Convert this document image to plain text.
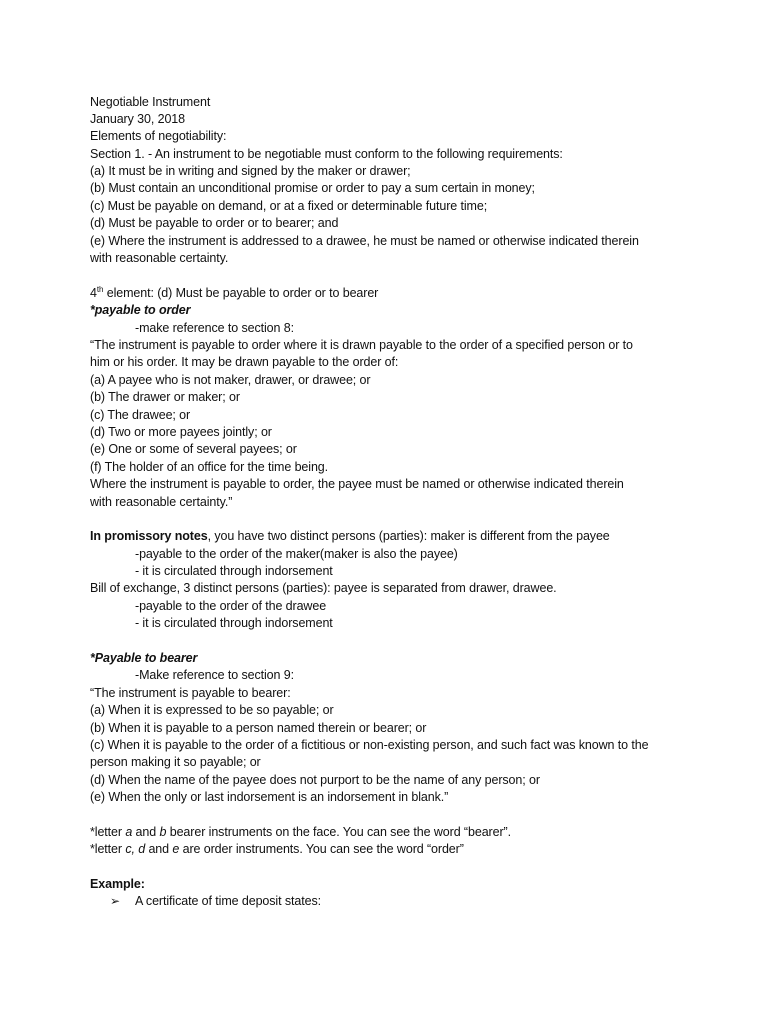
Negotiable Instrument
January 30, 2018
Elements of negotiability:
Section 1. - An instrument to be negotiable must conform to the following requirements:
(a) It must be in writing and signed by the maker or drawer;
(b) Must contain an unconditional promise or order to pay a sum certain in money;
(c) Must be payable on demand, or at a fixed or determinable future time;
(d) Must be payable to order or to bearer; and
(e) Where the instrument is addressed to a drawee, he must be named or otherwise indicated therein
with reasonable certainty.
4th element: (d) Must be payable to order or to bearer
*payable to order
-make reference to section 8:
“The instrument is payable to order where it is drawn payable to the order of a specified person or to
him or his order. It may be drawn payable to the order of:
(a) A payee who is not maker, drawer, or drawee; or
(b) The drawer or maker; or
(c) The drawee; or
(d) Two or more payees jointly; or
(e) One or some of several payees; or
(f) The holder of an office for the time being.
Where the instrument is payable to order, the payee must be named or otherwise indicated therein
with reasonable certainty.”
In promissory notes, you have two distinct persons (parties): maker is different from the payee
-payable to the order of the maker(maker is also the payee)
- it is circulated through indorsement
Bill of exchange, 3 distinct persons (parties): payee is separated from drawer, drawee.
-payable to the order of the drawee
- it is circulated through indorsement
*Payable to bearer
-Make reference to section 9:
“The instrument is payable to bearer:
(a) When it is expressed to be so payable; or
(b) When it is payable to a person named therein or bearer; or
(c) When it is payable to the order of a fictitious or non-existing person, and such fact was known to the
person making it so payable; or
(d) When the name of the payee does not purport to be the name of any person; or
(e) When the only or last indorsement is an indorsement in blank.”
*letter a and b bearer instruments on the face. You can see the word “bearer”.
*letter c, d and e are order instruments. You can see the word “order”
Example:
➢ A certificate of time deposit states:
